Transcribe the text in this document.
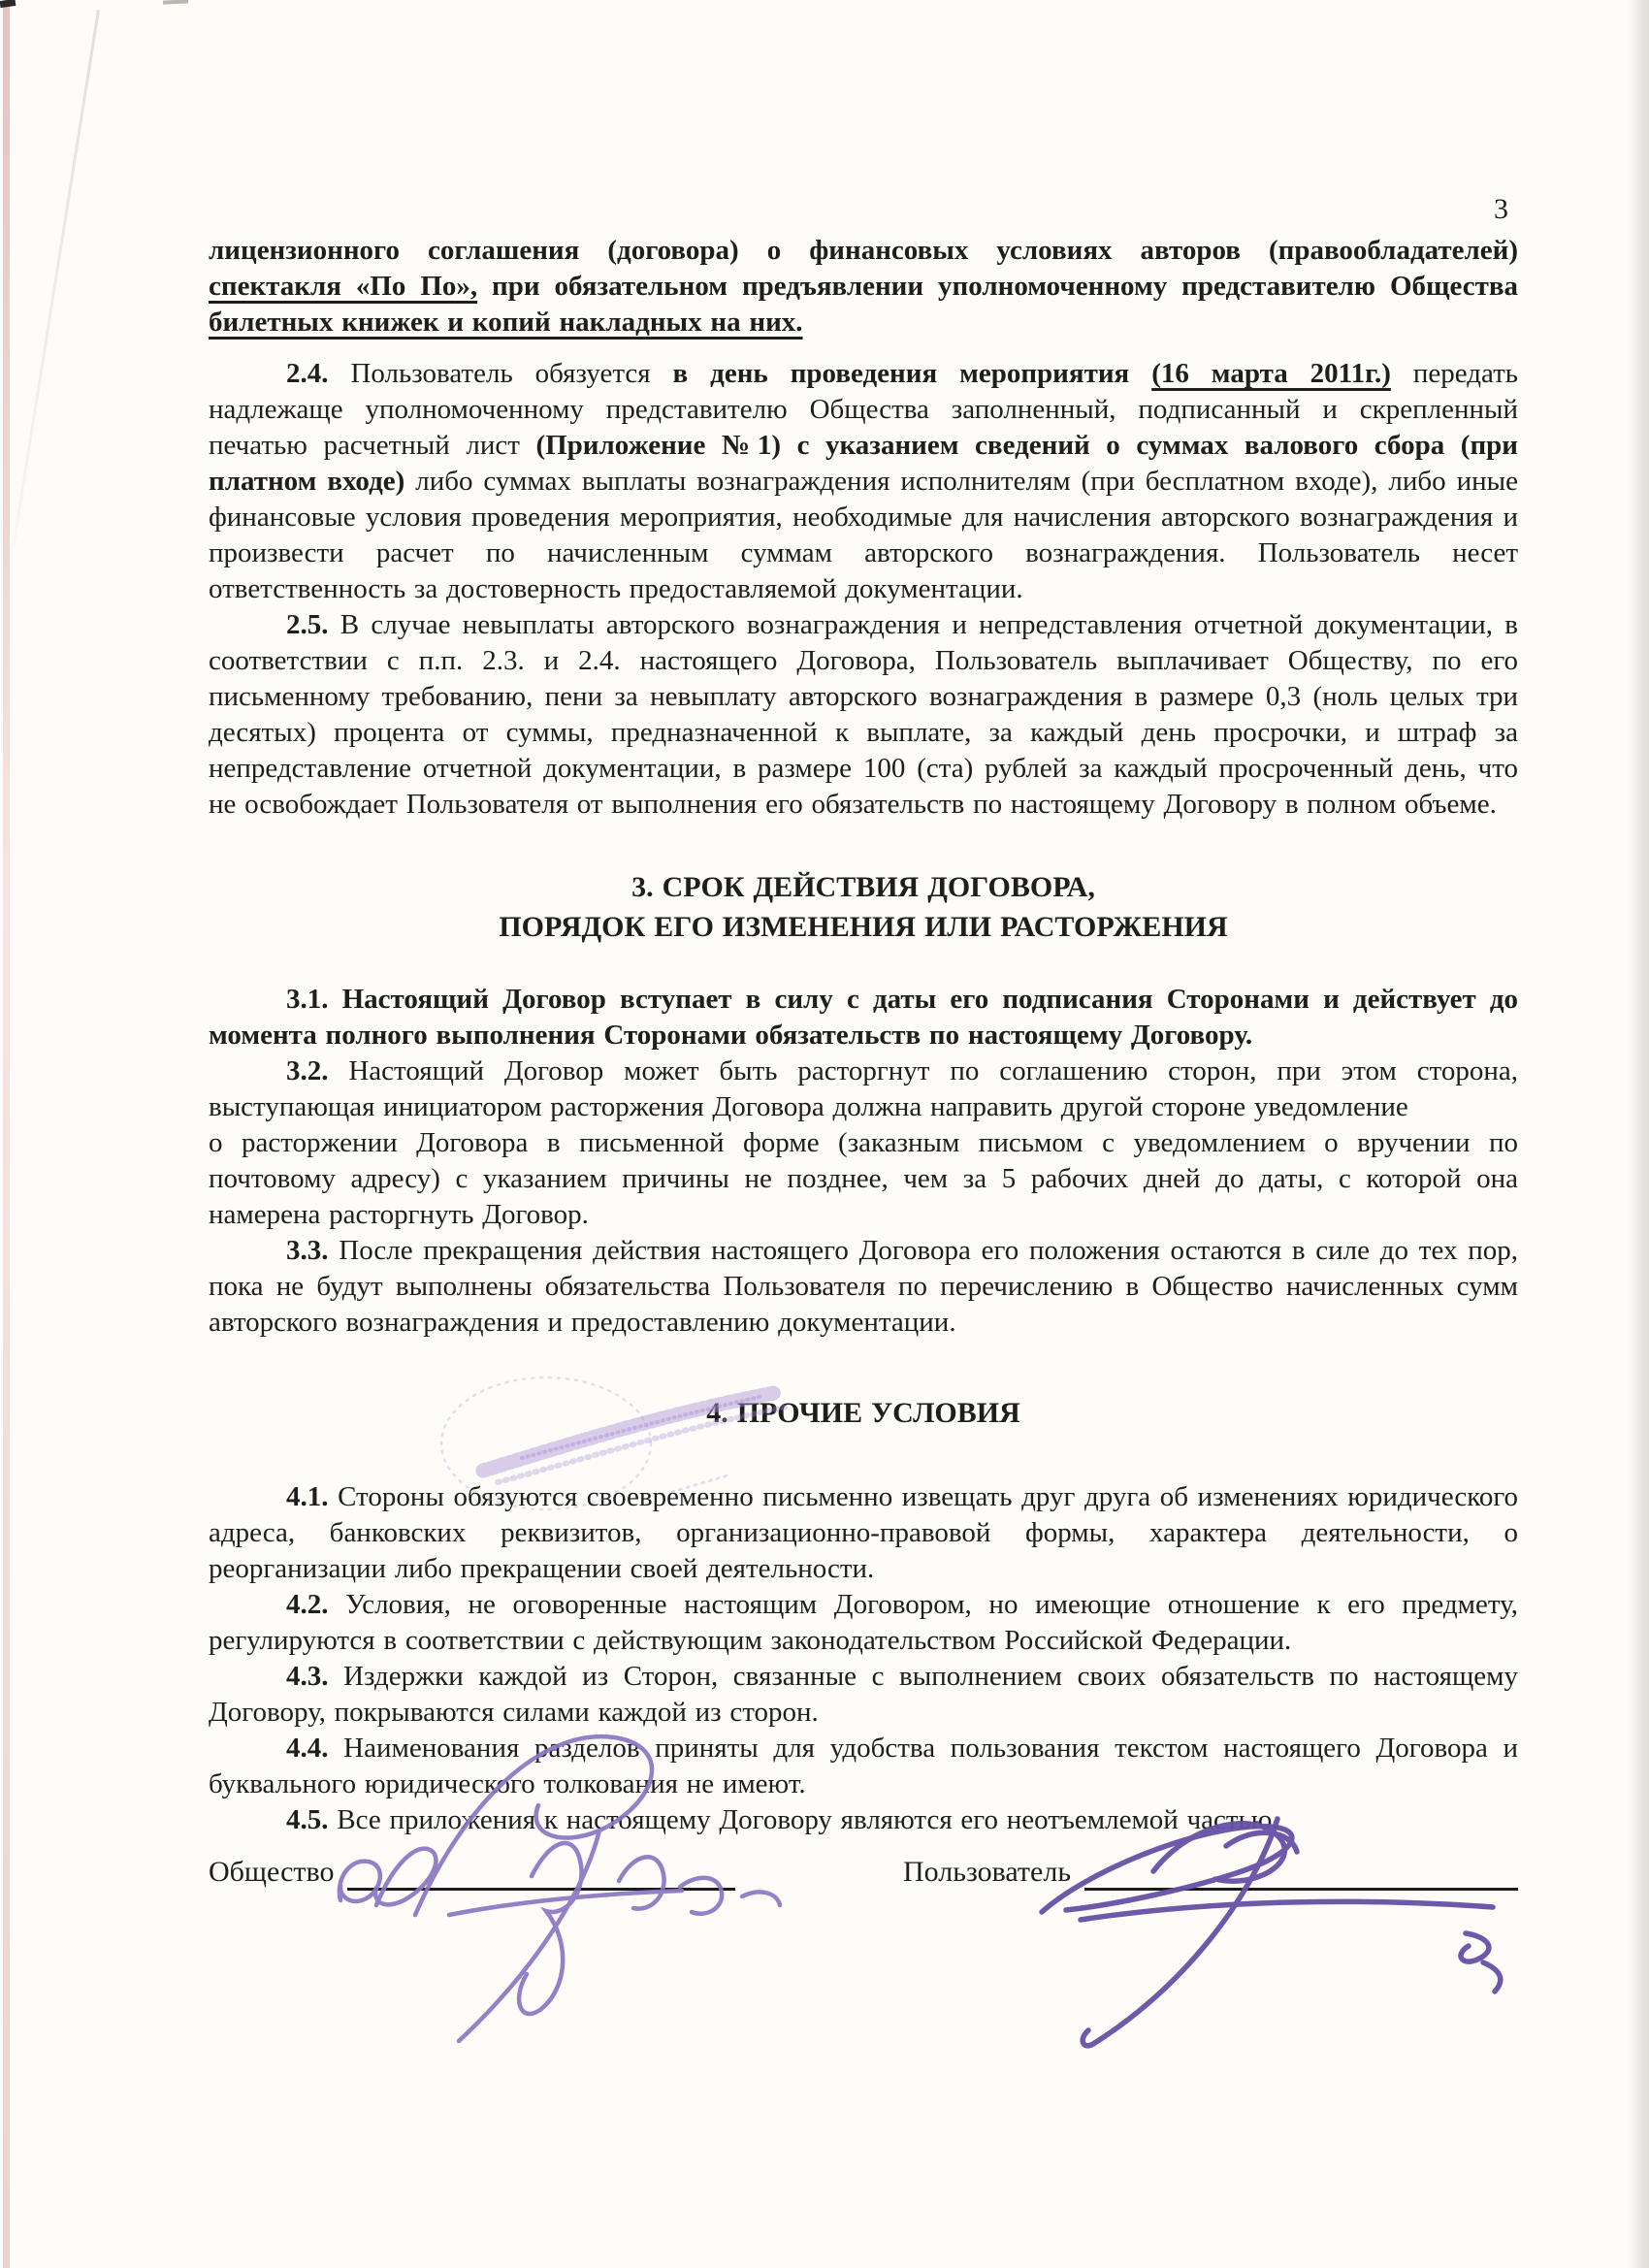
3

лицензионного соглашения (договора) о финансовых условиях авторов (правообладателей) спектакля «По По», при обязательном предъявлении уполномоченному представителю Общества билетных книжек и копий накладных на них.

2.4. Пользователь обязуется в день проведения мероприятия (16 марта 2011г.) передать надлежаще уполномоченному представителю Общества заполненный, подписанный и скрепленный печатью расчетный лист (Приложение №1) с указанием сведений о суммах валового сбора (при платном входе) либо суммах выплаты вознаграждения исполнителям (при бесплатном входе), либо иные финансовые условия проведения мероприятия, необходимые для начисления авторского вознаграждения и произвести расчет по начисленным суммам авторского вознаграждения. Пользователь несет ответственность за достоверность предоставляемой документации.

2.5. В случае невыплаты авторского вознаграждения и непредставления отчетной документации, в соответствии с п.п. 2.3. и 2.4. настоящего Договора, Пользователь выплачивает Обществу, по его письменному требованию, пени за невыплату авторского вознаграждения в размере 0,3 (ноль целых три десятых) процента от суммы, предназначенной к выплате, за каждый день просрочки, и штраф за непредставление отчетной документации, в размере 100 (ста) рублей за каждый просроченный день, что не освобождает Пользователя от выполнения его обязательств по настоящему Договору в полном объеме.

3. СРОК ДЕЙСТВИЯ ДОГОВОРА,

ПОРЯДОК ЕГО ИЗМЕНЕНИЯ ИЛИ РАСТОРЖЕНИЯ

3.1. Настоящий Договор вступает в силу с даты его подписания Сторонами и действует до момента полного выполнения Сторонами обязательств по настоящему Договору.

3.2. Настоящий Договор может быть расторгнут по соглашению сторон, при этом сторона, выступающая инициатором расторжения Договора должна направить другой стороне уведомление

о расторжении Договора в письменной форме (заказным письмом с уведомлением о вручении по почтовому адресу) с указанием причины не позднее, чем за 5 рабочих дней до даты, с которой она намерена расторгнуть Договор.

3.3. После прекращения действия настоящего Договора его положения остаются в силе до тех пор, пока не будут выполнены обязательства Пользователя по перечислению в Общество начисленных сумм авторского вознаграждения и предоставлению документации.

4. ПРОЧИЕ УСЛОВИЯ

4.1. Стороны обязуются своевременно письменно извещать друг друга об изменениях юридического адреса, банковских реквизитов, организационно-правовой формы, характера деятельности, о реорганизации либо прекращении своей деятельности.

4.2. Условия, не оговоренные настоящим Договором, но имеющие отношение к его предмету, регулируются в соответствии с действующим законодательством Российской Федерации.

4.3. Издержки каждой из Сторон, связанные с выполнением своих обязательств по настоящему Договору, покрываются силами каждой из сторон.

4.4. Наименования разделов приняты для удобства пользования текстом настоящего Договора и буквального юридического толкования не имеют.

4.5. Все приложения к настоящему Договору являются его неотъемлемой частью.

Общество	Пользователь
